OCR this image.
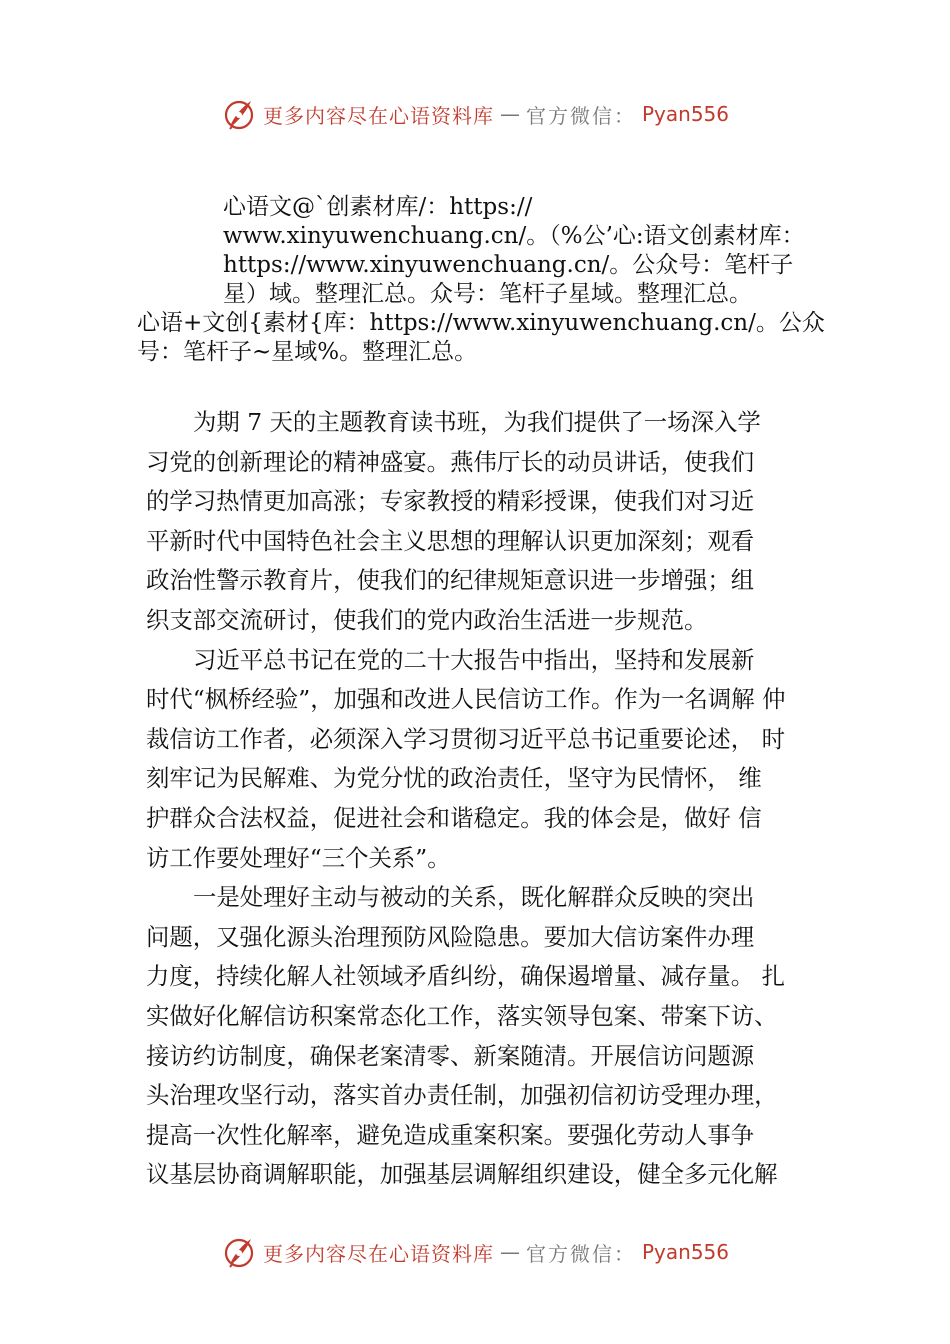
更多内容尽在心语资料库 — 官方微信： Pyan556
心语文@`创素材库/：https://
www.xinyuwenchuang.cn/。（%公’心:语文创素材库：
https://www.xinyuwenchuang.cn/。公众号：笔杆子
星）域。整理汇总。众号：笔杆子星域。整理汇总。
心语+文创{素材{库：https://www.xinyuwenchuang.cn/。公众
号：笔杆子~星域%。整理汇总。
为期 7 天的主题教育读书班，为我们提供了一场深入学
习党的创新理论的精神盛宴。燕伟厅长的动员讲话，使我们
的学习热情更加高涨；专家教授的精彩授课，使我们对习近
平新时代中国特色社会主义思想的理解认识更加深刻；观看
政治性警示教育片，使我们的纪律规矩意识进一步增强；组
织支部交流研讨，使我们的党内政治生活进一步规范。
习近平总书记在党的二十大报告中指出，坚持和发展新
时代“枫桥经验”，加强和改进人民信访工作。作为一名调解 仲
裁信访工作者，必须深入学习贯彻习近平总书记重要论述， 时
刻牢记为民解难、为党分忧的政治责任，坚守为民情怀， 维
护群众合法权益，促进社会和谐稳定。我的体会是，做好 信
访工作要处理好“三个关系”。
一是处理好主动与被动的关系，既化解群众反映的突出
问题，又强化源头治理预防风险隐患。要加大信访案件办理
力度，持续化解人社领域矛盾纠纷，确保遏增量、减存量。 扎
实做好化解信访积案常态化工作，落实领导包案、带案下访、
接访约访制度，确保老案清零、新案随清。开展信访问题源
头治理攻坚行动，落实首办责任制，加强初信初访受理办理，
提高一次性化解率，避免造成重案积案。要强化劳动人事争
议基层协商调解职能，加强基层调解组织建设，健全多元化解
更多内容尽在心语资料库 — 官方微信： Pyan556
